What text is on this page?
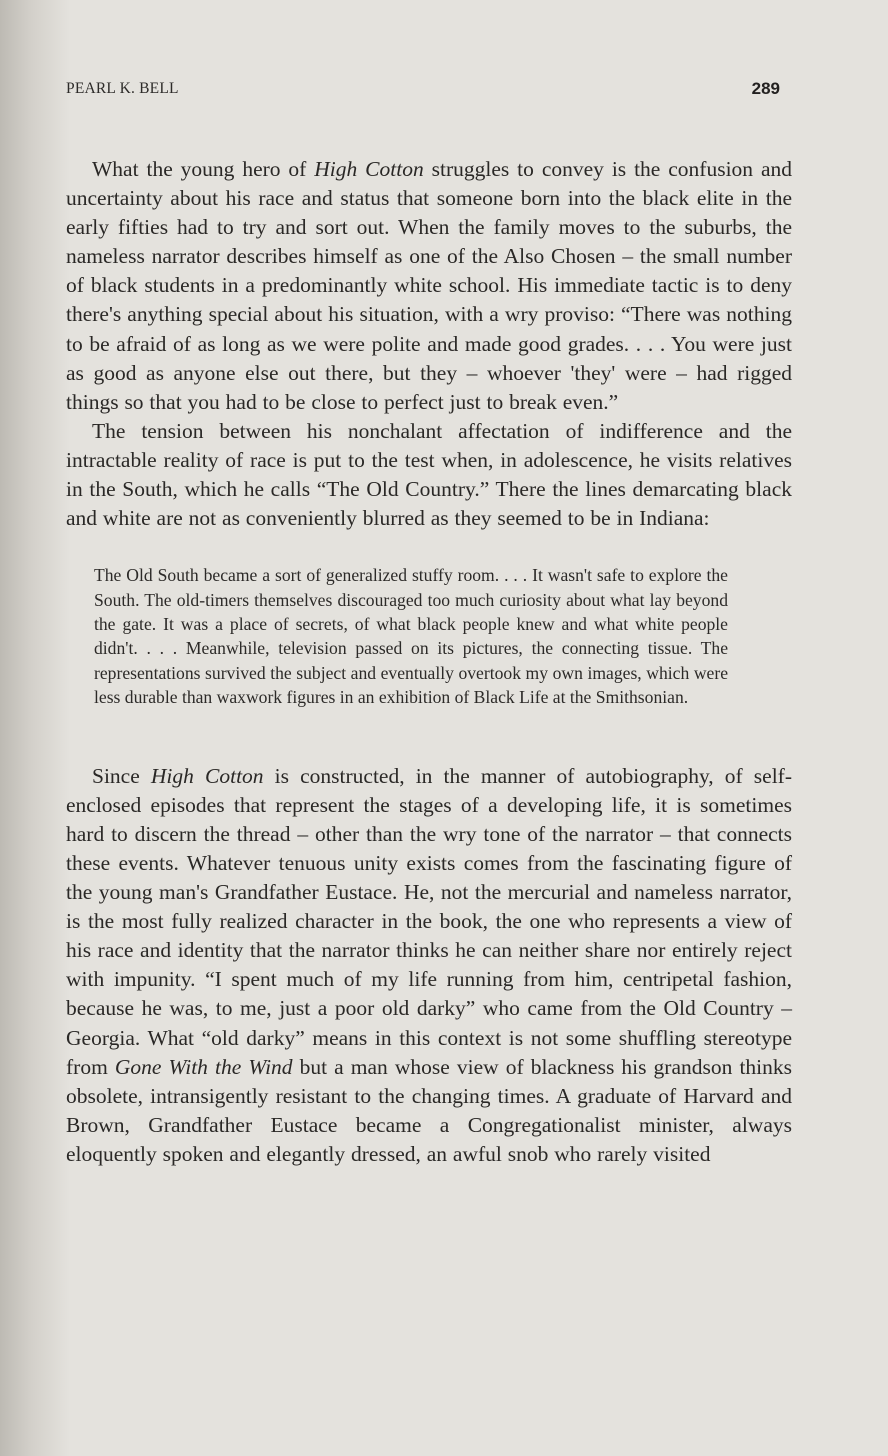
PEARL K. BELL	289

What the young hero of High Cotton struggles to convey is the confusion and uncertainty about his race and status that someone born into the black elite in the early fifties had to try and sort out. When the family moves to the suburbs, the nameless narrator describes himself as one of the Also Chosen – the small number of black students in a predominantly white school. His immediate tactic is to deny there's anything special about his situation, with a wry proviso: “There was nothing to be afraid of as long as we were polite and made good grades. . . . You were just as good as anyone else out there, but they – whoever 'they' were – had rigged things so that you had to be close to perfect just to break even.”

The tension between his nonchalant affectation of indifference and the intractable reality of race is put to the test when, in adolescence, he visits relatives in the South, which he calls “The Old Country.” There the lines demarcating black and white are not as conveniently blurred as they seemed to be in Indiana:

The Old South became a sort of generalized stuffy room. . . . It wasn't safe to explore the South. The old-timers themselves discouraged too much curiosity about what lay beyond the gate. It was a place of secrets, of what black people knew and what white people didn't. . . . Meanwhile, television passed on its pictures, the connecting tissue. The representations survived the subject and eventually overtook my own images, which were less durable than waxwork figures in an exhibition of Black Life at the Smithsonian.

Since High Cotton is constructed, in the manner of autobiography, of self-enclosed episodes that represent the stages of a developing life, it is sometimes hard to discern the thread – other than the wry tone of the narrator – that connects these events. Whatever tenuous unity exists comes from the fascinating figure of the young man's Grandfather Eustace. He, not the mercurial and nameless narrator, is the most fully realized character in the book, the one who represents a view of his race and identity that the narrator thinks he can neither share nor entirely reject with impunity. “I spent much of my life running from him, centripetal fashion, because he was, to me, just a poor old darky” who came from the Old Country – Georgia. What “old darky” means in this context is not some shuffling stereotype from Gone With the Wind but a man whose view of blackness his grandson thinks obsolete, intransigently resistant to the changing times. A graduate of Harvard and Brown, Grandfather Eustace became a Congregationalist minister, always eloquently spoken and elegantly dressed, an awful snob who rarely visited
